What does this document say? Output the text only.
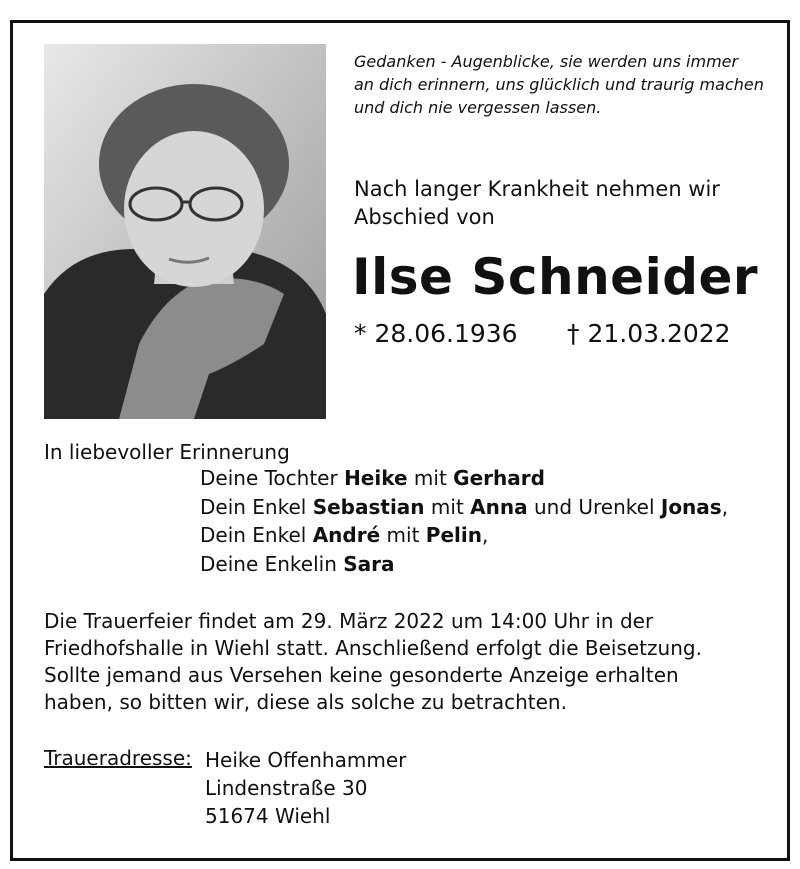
Gedanken - Augenblicke, sie werden uns immer
an dich erinnern, uns glücklich und traurig machen
und dich nie vergessen lassen.
Nach langer Krankheit nehmen wir
Abschied von
Ilse Schneider
* 28.06.1936 † 21.03.2022
In liebevoller Erinnerung
Deine Tochter Heike mit Gerhard
Dein Enkel Sebastian mit Anna und Urenkel Jonas,
Dein Enkel André mit Pelin,
Deine Enkelin Sara
Die Trauerfeier findet am 29. März 2022 um 14:00 Uhr in der
Friedhofshalle in Wiehl statt. Anschließend erfolgt die Beisetzung.
Sollte jemand aus Versehen keine gesonderte Anzeige erhalten
haben, so bitten wir, diese als solche zu betrachten.
Traueradresse: Heike Offenhammer
Lindenstraße 30
51674 Wiehl
